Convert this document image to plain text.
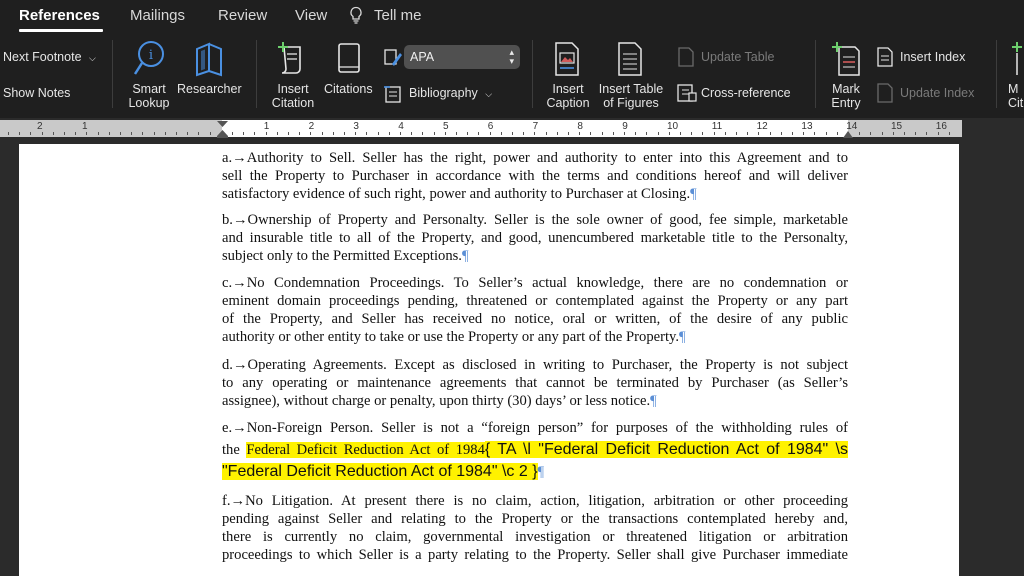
References Mailings Review View	Tell me
Next Footnote ⌵
Show Notes
i
Smart
Lookup
Researcher	Insert
Citation
Citations
APA	▴
▾
Bibliography ⌵	Insert
Caption
Insert Table
of Figures
Update Table
Cross-reference	Mark
Entry
Insert Index
Update Index	M
Cit
2	1	1	2	3	4	5	6	7	8	9	10	11	12	13	14	15	16
a.→Authority to Sell. Seller has the right, power and authority to enter into this Agreement and to
sell the Property to Purchaser in accordance with the terms and conditions hereof and will deliver
satisfactory evidence of such right, power and authority to Purchaser at Closing.¶
b.→Ownership of Property and Personalty. Seller is the sole owner of good, fee simple, marketable
and insurable title to all of the Property, and good, unencumbered marketable title to the Personalty,
subject only to the Permitted Exceptions.¶
c.→No Condemnation Proceedings. To Seller’s actual knowledge, there are no condemnation or
eminent domain proceedings pending, threatened or contemplated against the Property or any part
of the Property, and Seller has received no notice, oral or written, of the desire of any public
authority or other entity to take or use the Property or any part of the Property.¶
d.→Operating Agreements. Except as disclosed in writing to Purchaser, the Property is not subject
to any operating or maintenance agreements that cannot be terminated by Purchaser (as Seller’s
assignee), without charge or penalty, upon thirty (30) days’ or less notice.¶
e.→Non-Foreign Person. Seller is not a “foreign person” for purposes of the withholding rules of
the Federal Deficit Reduction Act of 1984{ TA \l "Federal Deficit Reduction Act of 1984" \s
"Federal Deficit Reduction Act of 1984" \c 2 }¶
f.→No Litigation. At present there is no claim, action, litigation, arbitration or other proceeding
pending against Seller and relating to the Property or the transactions contemplated hereby and,
there is currently no claim, governmental investigation or threatened litigation or arbitration
proceedings to which Seller is a party relating to the Property. Seller shall give Purchaser immediate
